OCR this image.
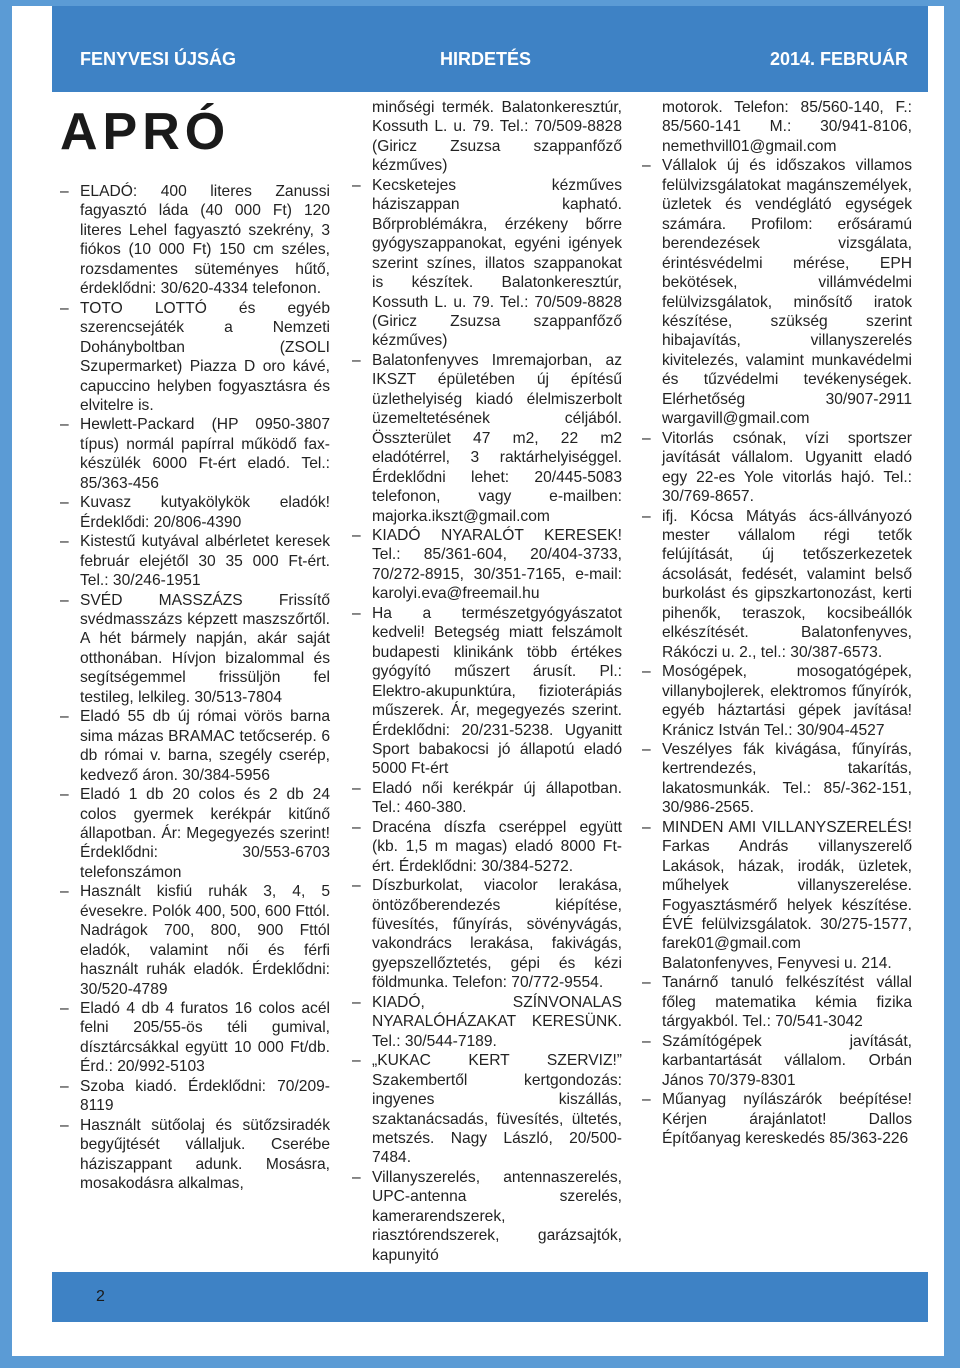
FENYVESI ÚJSÁG	HIRDETÉS	2014. FEBRUÁR
APRÓ

– ELADÓ: 400 literes Zanussi fagyasztó láda (40 000 Ft) 120 literes Lehel fagyasztó szekrény, 3 fiókos (10 000 Ft) 150 cm széles, rozsdamentes süteményes hűtő, érdeklődni: 30/620-4334 telefonon.

– TOTO LOTTÓ és egyéb szerencsejáték a Nemzeti Dohányboltban (ZSOLI Szupermarket) Piazza D oro kávé, capuccino helyben fogyasztásra és elvitelre is.

– Hewlett-Packard (HP 0950-3807 típus) normál papírral működő fax-készülék 6000 Ft-ért eladó. Tel.: 85/363-456

– Kuvasz kutyakölykök eladók! Érdeklődi: 20/806-4390

– Kistestű kutyával albérletet keresek február elejétől 30 35 000 Ft-ért. Tel.: 30/246-1951

– SVÉD MASSZÁZS Frissítő svédmasszázs képzett maszszőrtől. A hét bármely napján, akár saját otthonában. Hívjon bizalommal és segítségemmel frissüljön fel testileg, lelkileg. 30/513-7804

– Eladó 55 db új római vörös barna sima mázas BRAMAC tetőcserép. 6 db római v. barna, szegély cserép, kedvező áron. 30/384-5956

– Eladó 1 db 20 colos és 2 db 24 colos gyermek kerékpár kitűnő állapotban. Ár: Megegyezés szerint! Érdeklődni: 30/553-6703 telefonszámon

– Használt kisfiú ruhák 3, 4, 5 évesekre. Polók 400, 500, 600 Fttól. Nadrágok 700, 800, 900 Fttól eladók, valamint női és férfi használt ruhák eladók. Érdeklődni: 30/520-4789

– Eladó 4 db 4 furatos 16 colos acél felni 205/55-ös téli gumival, dísztárcsákkal együtt 10 000 Ft/db. Érd.: 20/992-5103

– Szoba kiadó. Érdeklődni: 70/209-8119

– Használt sütőolaj és sütőzsiradék begyűjtését vállaljuk. Cserébe háziszappant adunk. Mosásra, mosakodásra alkalmas,

minőségi termék. Balatonkeresztúr, Kossuth L. u. 79. Tel.: 70/509-8828 (Giricz Zsuzsa szappanfőző kézműves)

– Kecsketejes kézműves háziszappan kapható. Bőrproblémákra, érzékeny bőrre gyógyszappanokat, egyéni igények szerint színes, illatos szappanokat is készítek. Balatonkeresztúr, Kossuth L. u. 79. Tel.: 70/509-8828 (Giricz Zsuzsa szappanfőző kézműves)

– Balatonfenyves Imremajorban, az IKSZT épületében új építésű üzlethelyiség kiadó élelmiszerbolt üzemeltetésének céljából. Összterület 47 m2, 22 m2 eladótérrel, 3 raktárhelyiséggel. Érdeklődni lehet: 20/445-5083 telefonon, vagy e-mailben: majorka.ikszt@gmail.com

– KIADÓ NYARALÓT KERESEK! Tel.: 85/361-604, 20/404-3733, 70/272-8915, 30/351-7165, e-mail: karolyi.eva@freemail.hu

– Ha a természetgyógyászatot kedveli! Betegség miatt felszámolt budapesti klinikánk több értékes gyógyító műszert árusít. Pl.: Elektro-akupunktúra, fizioterápiás műszerek. Ár, megegyezés szerint. Érdeklődni: 20/231-5238. Ugyanitt Sport babakocsi jó állapotú eladó 5000 Ft-ért

– Eladó női kerékpár új állapotban. Tel.: 460-380.

– Dracéna díszfa cseréppel együtt (kb. 1,5 m magas) eladó 8000 Ft-ért. Érdeklődni: 30/384-5272.

– Díszburkolat, viacolor lerakása, öntözőberendezés kiépítése, füvesítés, fűnyírás, sövényvágás, vakondrács lerakása, fakivágás, gyepszellőztetés, gépi és kézi földmunka. Telefon: 70/772-9554.

– KIADÓ, SZÍNVONALAS NYARALÓHÁZAKAT KERESÜNK. Tel.: 30/544-7189.

– „KUKAC KERT SZERVIZ!” Szakembertől kertgondozás: ingyenes kiszállás, szaktanácsadás, füvesítés, ültetés, metszés. Nagy László, 20/500-7484.

– Villanyszerelés, antennaszerelés, UPC-antenna szerelés, kamerarendszerek, riasztórendszerek, garázsajtók, kapunyitó

motorok. Telefon: 85/560-140, F.: 85/560-141 M.: 30/941-8106, nemethvill01@gmail.com

– Vállalok új és időszakos villamos felülvizsgálatokat magánszemélyek, üzletek és vendéglátó egységek számára. Profilom: erősáramú berendezések vizsgálata, érintésvédelmi mérése, EPH bekötések, villámvédelmi felülvizsgálatok, minősítő iratok készítése, szükség szerint hibajavítás, villanyszerelés kivitelezés, valamint munkavédelmi és tűzvédelmi tevékenységek. Elérhetőség 30/907-2911 wargavill@gmail.com

– Vitorlás csónak, vízi sportszer javítását vállalom. Ugyanitt eladó egy 22-es Yole vitorlás hajó. Tel.: 30/769-8657.

– ifj. Kócsa Mátyás ács-állványozó mester vállalom régi tetők felújítását, új tetőszerkezetek ácsolását, fedését, valamint belső burkolást és gipszkartonozást, kerti pihenők, teraszok, kocsibeállók elkészítését. Balatonfenyves, Rákóczi u. 2., tel.: 30/387-6573.

– Mosógépek, mosogatógépek, villanybojlerek, elektromos fűnyírók, egyéb háztartási gépek javítása! Kránicz István Tel.: 30/904-4527

– Veszélyes fák kivágása, fűnyírás, kertrendezés, takarítás, lakatosmunkák. Tel.: 85/-362-151, 30/986-2565.

– MINDEN AMI VILLANYSZERELÉS! Farkas András villanyszerelő Lakások, házak, irodák, üzletek, műhelyek villanyszerelése. Fogyasztásmérő helyek készítése. ÉVÉ felülvizsgálatok. 30/275-1577, farek01@gmail.com Balatonfenyves, Fenyvesi u. 214.

– Tanárnő tanuló felkészítést vállal főleg matematika kémia fizika tárgyakból. Tel.: 70/541-3042

– Számítógépek javítását, karbantartását vállalom. Orbán János 70/379-8301

– Műanyag nyílászárók beépítése! Kérjen árajánlatot! Dallos Építőanyag kereskedés 85/363-226

2
